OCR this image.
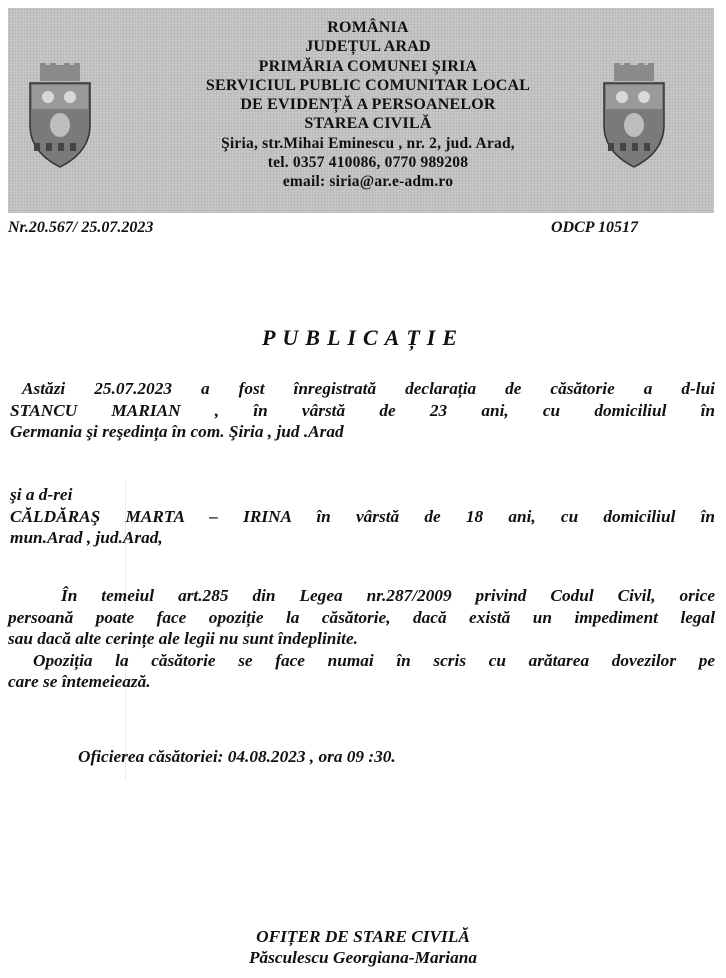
ROMÂNIA
JUDEȚUL ARAD
PRIMĂRIA COMUNEI ŞIRIA
SERVICIUL PUBLIC COMUNITAR LOCAL
DE EVIDENȚĂ A PERSOANELOR
STAREA CIVILĂ
Şiria, str.Mihai Eminescu , nr. 2, jud. Arad,
tel. 0357 410086, 0770 989208
email: siria@ar.e-adm.ro
Nr.20.567/ 25.07.2023	ODCP 10517
PUBLICAȚIE
Astăzi 25.07.2023 a fost înregistrată declarația de căsătorie a d-lui
STANCU MARIAN , în vârstă de 23 ani, cu domiciliul în
Germania şi reşedința în com. Şiria , jud .Arad
şi a d-rei
CĂLDĂRAŞ MARTA – IRINA în vârstă de 18 ani, cu domiciliul în
mun.Arad , jud.Arad,
În temeiul art.285 din Legea nr.287/2009 privind Codul Civil, orice
persoană poate face opoziție la căsătorie, dacă există un impediment legal
sau dacă alte cerințe ale legii nu sunt îndeplinite.
Opoziția la căsătorie se face numai în scris cu arătarea dovezilor pe
care se întemeiează.
Oficierea căsătoriei: 04.08.2023 , ora 09 :30.
OFIȚER DE STARE CIVILĂ
Păsculescu Georgiana-Mariana
